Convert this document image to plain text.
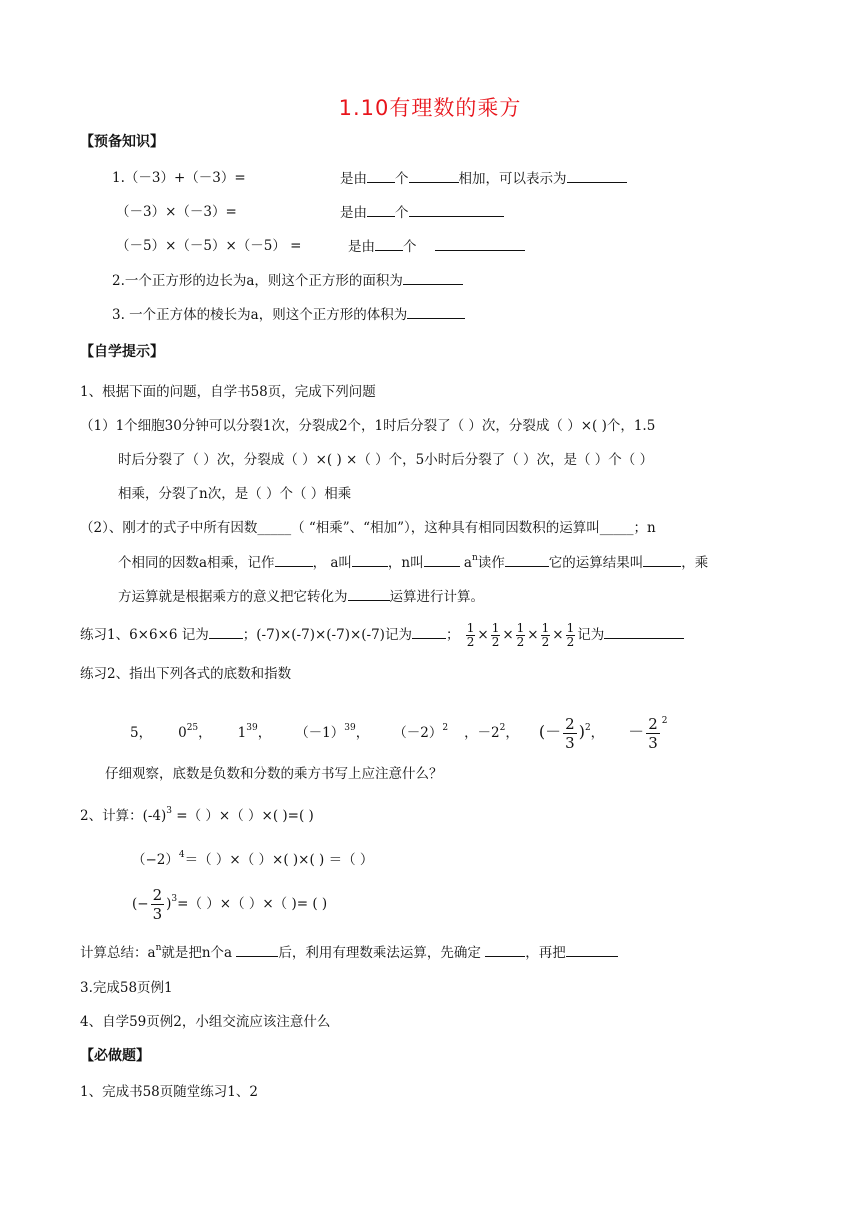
1.10有理数的乘方
【预备知识】
1.（－3）+（－3）=	是由 个	相加，可以表示为
（－3）×（－3）=	是由 个
（－5）×（－5）×（－5） =	是由 个
2.一个正方形的边长为a，则这个正方形的面积为
3. 一个正方体的棱长为a，则这个正方形的体积为
【自学提示】
1、根据下面的问题，自学书58页，完成下列问题
（1）1个细胞30分钟可以分裂1次，分裂成2个，1时后分裂了（ ）次，分裂成（ ）×( )个，1.5
时后分裂了（ ）次，分裂成（ ）×( ) ×（ ）个，5小时后分裂了（ ）次，是（ ）个（ ）
相乘，分裂了n次，是（ ）个（ ）相乘
（2）、刚才的式子中所有因数_____（ “相乘”、“相加”），这种具有相同因数积的运算叫_____；n
个相同的因数a相乘，记作	， a叫	，n叫	$a^n$读作	它的运算结果叫	，乘
方运算就是根据乘方的意义把它转化为	运算进行计算。
练习1、6×6×6 记为	；(-7)×(-7)×(-7)×(-7)记为	； $\frac{1}{2} \times \frac{1}{2} \times \frac{1}{2} \times \frac{1}{2} \times \frac{1}{2}$ 记为
练习2、指出下列各式的底数和指数
5， $0^{25}$， $1^{39}$， $(-1)^{39}$， $(-2)^2$ ，$-2^2$， (－ $\frac{2}{3} )^2$， － $\frac{2}{3} ^2$
仔细观察，底数是负数和分数的乘方书写上应注意什么？
2、计算：$(-4)^3$ =（ ）×（ ）×( )=( )
$(-2)^4=$（ ）×（ ）×( )×( ) ＝（ ）
(− $\frac{2}{3} )^3=$（ ）×（ ）×（ )= ( )
计算总结：$a^n$就是把n个a	后，利用有理数乘法运算，先确定	，再把
3.完成58页例1
4、自学59页例2，小组交流应该注意什么
【必做题】
1、完成书58页随堂练习1、2
